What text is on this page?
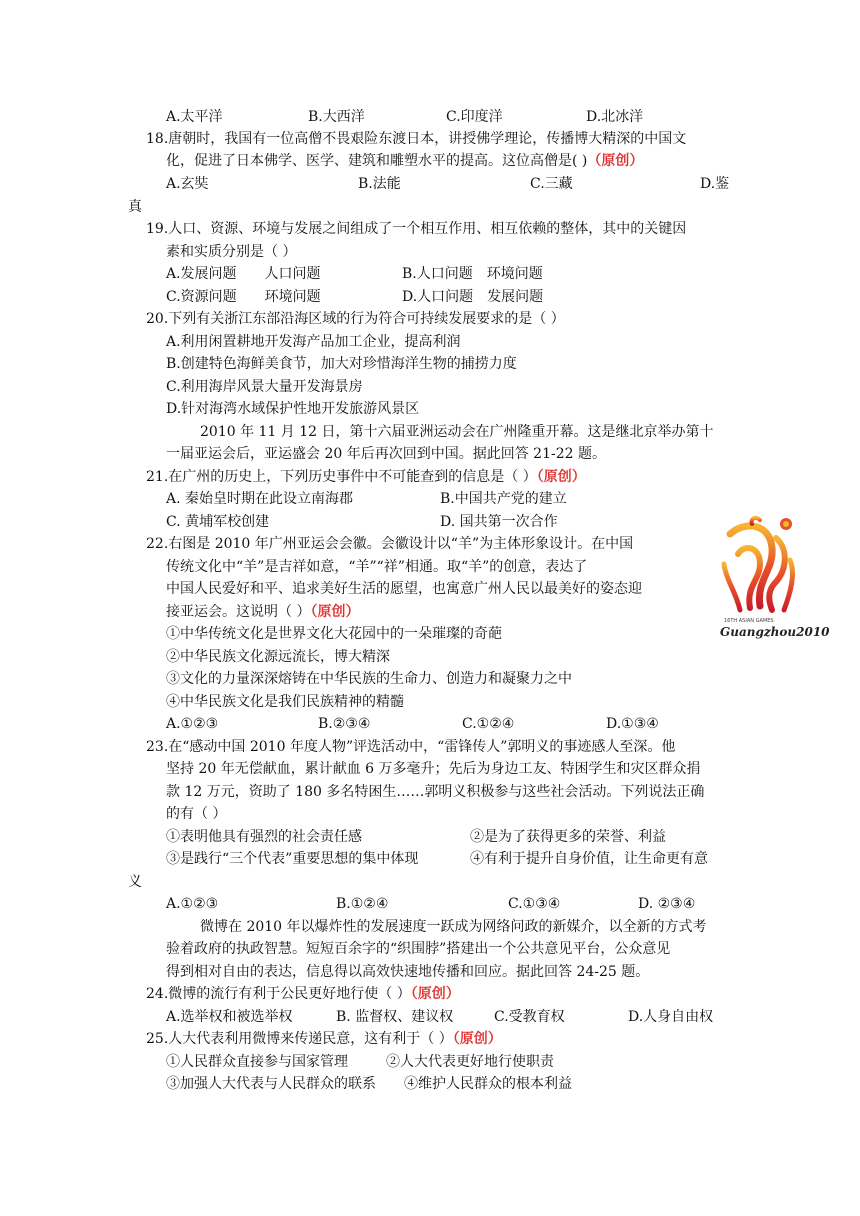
A.太平洋	B.大西洋	C.印度洋	D.北冰洋
18.唐朝时，我国有一位高僧不畏艰险东渡日本，讲授佛学理论，传播博大精深的中国文
化，促进了日本佛学、医学、建筑和雕塑水平的提高。这位高僧是( )（原创）
A.玄奘	B.法能	C.三藏	D.鉴
真
19.人口、资源、环境与发展之间组成了一个相互作用、相互依赖的整体，其中的关键因
素和实质分别是（ ）
A.发展问题　　人口问题	B.人口问题　环境问题
C.资源问题　　环境问题	D.人口问题　发展问题
20.下列有关浙江东部沿海区域的行为符合可持续发展要求的是（ ）
A.利用闲置耕地开发海产品加工企业，提高利润
B.创建特色海鲜美食节，加大对珍惜海洋生物的捕捞力度
C.利用海岸风景大量开发海景房
D.针对海湾水域保护性地开发旅游风景区
2010 年 11 月 12 日，第十六届亚洲运动会在广州隆重开幕。这是继北京举办第十
一届亚运会后，亚运盛会 20 年后再次回到中国。据此回答 21-22 题。
21.在广州的历史上，下列历史事件中不可能查到的信息是（ ）（原创）
A. 秦始皇时期在此设立南海郡	B.中国共产党的建立
C. 黄埔军校创建	D. 国共第一次合作
22.右图是 2010 年广州亚运会会徽。会徽设计以“羊”为主体形象设计。在中国
传统文化中“羊”是吉祥如意，“羊”“祥”相通。取“羊”的创意，表达了
中国人民爱好和平、追求美好生活的愿望，也寓意广州人民以最美好的姿态迎
接亚运会。这说明（ ）（原创）
①中华传统文化是世界文化大花园中的一朵璀璨的奇葩
②中华民族文化源远流长，博大精深
③文化的力量深深熔铸在中华民族的生命力、创造力和凝聚力之中
④中华民族文化是我们民族精神的精髓
A.①②③	B.②③④	C.①②④	D.①③④
16TH ASIAN GAMES
Guangzhou2010
23.在“感动中国 2010 年度人物”评选活动中，“雷锋传人”郭明义的事迹感人至深。他
坚持 20 年无偿献血，累计献血 6 万多毫升；先后为身边工友、特困学生和灾区群众捐
款 12 万元，资助了 180 多名特困生……郭明义积极参与这些社会活动。下列说法正确
的有（ ）
①表明他具有强烈的社会责任感	②是为了获得更多的荣誉、利益
③是践行“三个代表”重要思想的集中体现	④有利于提升自身价值，让生命更有意
义
A.①②③	B.①②④	C.①③④	D. ②③④
微博在 2010 年以爆炸性的发展速度一跃成为网络问政的新媒介，以全新的方式考
验着政府的执政智慧。短短百余字的“织围脖”搭建出一个公共意见平台，公众意见
得到相对自由的表达，信息得以高效快速地传播和回应。据此回答 24-25 题。
24.微博的流行有利于公民更好地行使（ ）（原创）
A.选举权和被选举权	B. 监督权、建议权	C.受教育权	D.人身自由权
25.人大代表利用微博来传递民意，这有利于（ ）（原创）
①人民群众直接参与国家管理	②人大代表更好地行使职责
③加强人大代表与人民群众的联系 ④维护人民群众的根本利益
